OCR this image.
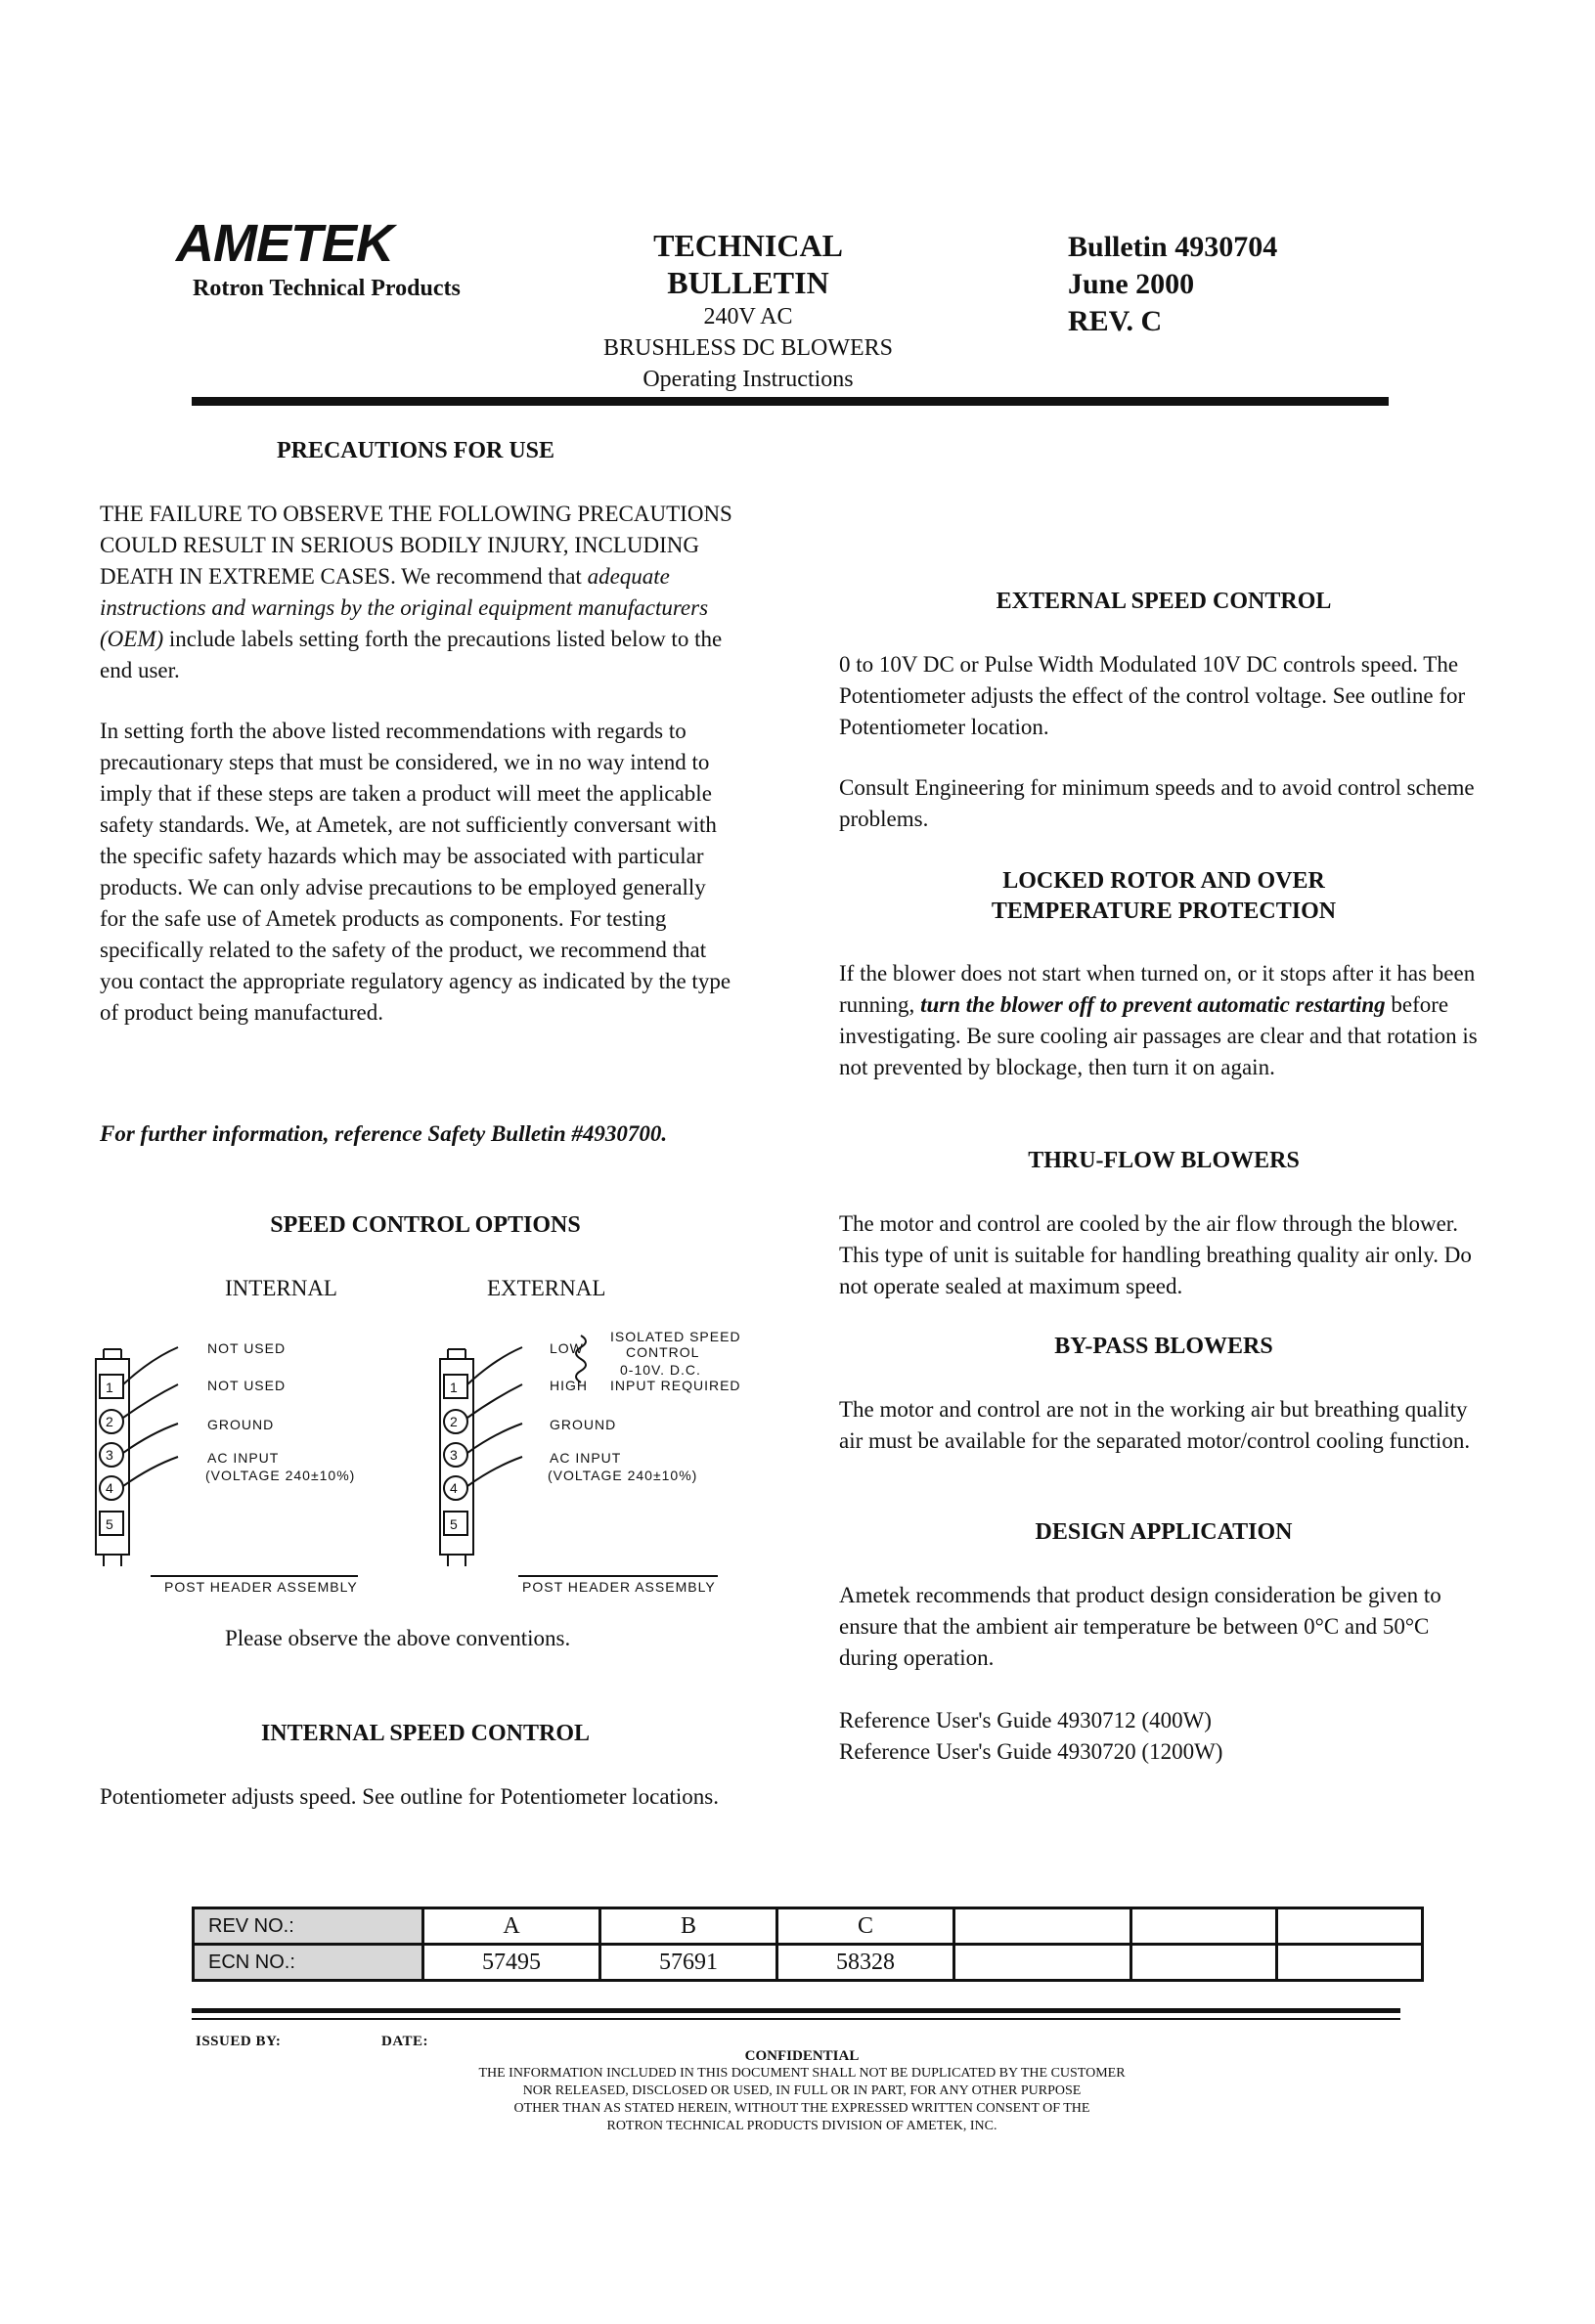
AMETEK
Rotron Technical Products
TECHNICAL
BULLETIN
240V AC
BRUSHLESS DC BLOWERS
Operating Instructions
Bulletin 4930704
June 2000
REV. C
PRECAUTIONS FOR USE
THE FAILURE TO OBSERVE THE FOLLOWING PRECAUTIONS COULD RESULT IN SERIOUS BODILY INJURY, INCLUDING DEATH IN EXTREME CASES. We recommend that adequate instructions and warnings by the original equipment manufacturers (OEM) include labels setting forth the precautions listed below to the end user.
In setting forth the above listed recommendations with regards to precautionary steps that must be considered, we in no way intend to imply that if these steps are taken a product will meet the applicable safety standards. We, at Ametek, are not sufficiently conversant with the specific safety hazards which may be associated with particular products. We can only advise precautions to be employed generally for the safe use of Ametek products as components. For testing specifically related to the safety of the product, we recommend that you contact the appropriate regulatory agency as indicated by the type of product being manufactured.
For further information, reference Safety Bulletin #4930700.
SPEED CONTROL OPTIONS
INTERNAL	EXTERNAL
1
2
3
4
5
NOT USED
NOT USED
GROUND
AC INPUT
(VOLTAGE 240±10%)
POST HEADER ASSEMBLY
1
2
3
4
5
LOW
HIGH
GROUND
AC INPUT
(VOLTAGE 240±10%)
ISOLATED SPEED
CONTROL
0-10V. D.C.
INPUT REQUIRED
POST HEADER ASSEMBLY
Please observe the above conventions.
INTERNAL SPEED CONTROL
Potentiometer adjusts speed. See outline for Potentiometer locations.
EXTERNAL SPEED CONTROL
0 to 10V DC or Pulse Width Modulated 10V DC controls speed. The Potentiometer adjusts the effect of the control voltage. See outline for Potentiometer location.
Consult Engineering for minimum speeds and to avoid control scheme problems.
LOCKED ROTOR AND OVER
TEMPERATURE PROTECTION
If the blower does not start when turned on, or it stops after it has been running, turn the blower off to prevent automatic restarting before investigating. Be sure cooling air passages are clear and that rotation is not prevented by blockage, then turn it on again.
THRU-FLOW BLOWERS
The motor and control are cooled by the air flow through the blower. This type of unit is suitable for handling breathing quality air only. Do not operate sealed at maximum speed.
BY-PASS BLOWERS
The motor and control are not in the working air but breathing quality air must be available for the separated motor/control cooling function.
DESIGN APPLICATION
Ametek recommends that product design consideration be given to ensure that the ambient air temperature be between 0°C and 50°C during operation.
Reference User's Guide 4930712 (400W)
Reference User's Guide 4930720 (1200W)
REV NO.:	A	B	C			
ECN NO.:	57495	57691	58328			
ISSUED BY:	DATE:
CONFIDENTIAL
THE INFORMATION INCLUDED IN THIS DOCUMENT SHALL NOT BE DUPLICATED BY THE CUSTOMER
NOR RELEASED, DISCLOSED OR USED, IN FULL OR IN PART, FOR ANY OTHER PURPOSE
OTHER THAN AS STATED HEREIN, WITHOUT THE EXPRESSED WRITTEN CONSENT OF THE
ROTRON TECHNICAL PRODUCTS DIVISION OF AMETEK, INC.
